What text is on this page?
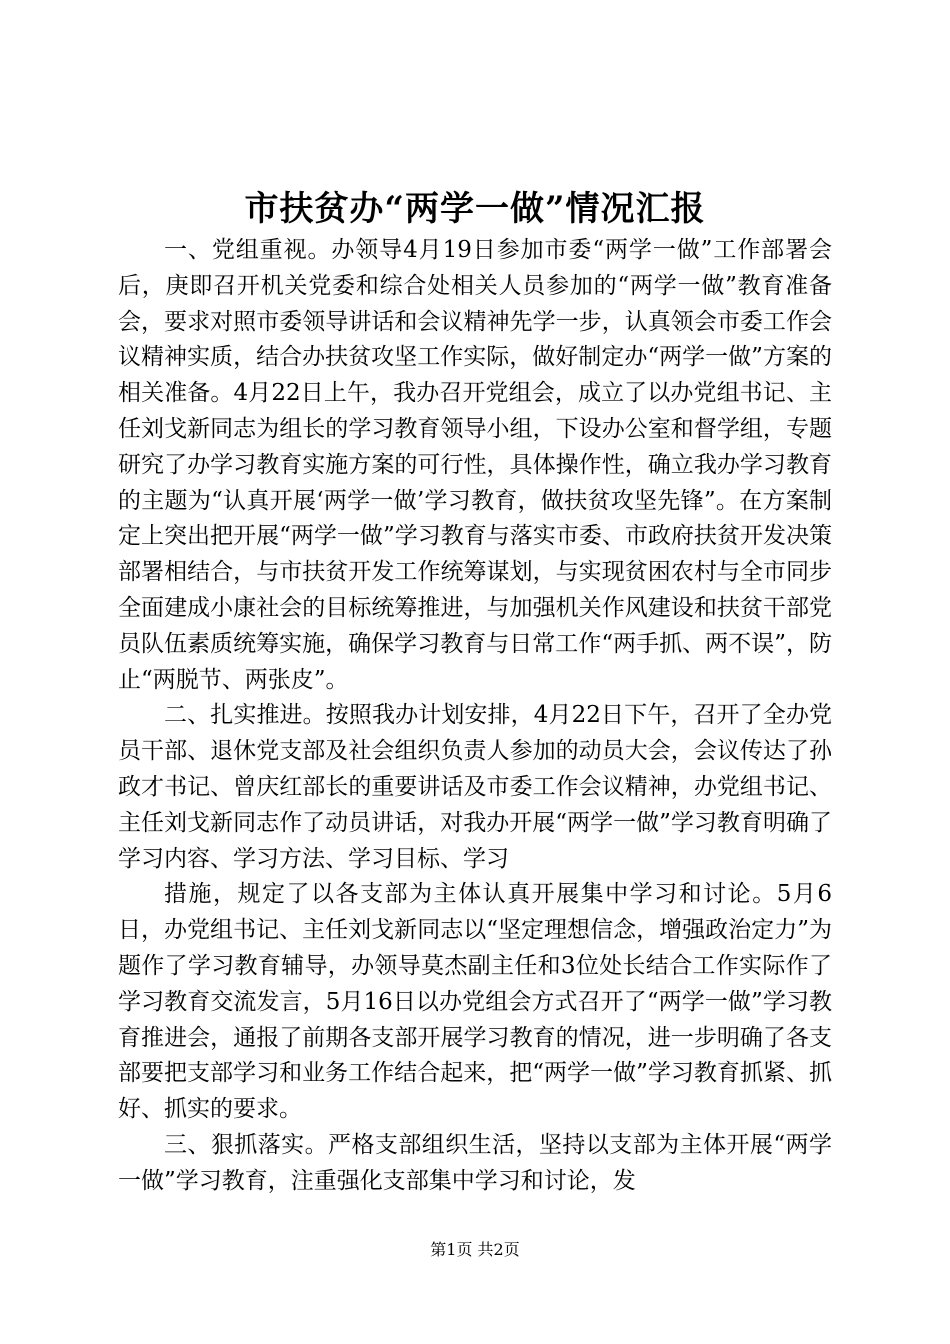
市扶贫办“两学一做”情况汇报

一、党组重视。办领导4月19日参加市委“两学一做”工作部署会后，庚即召开机关党委和综合处相关人员参加的“两学一做”教育准备会，要求对照市委领导讲话和会议精神先学一步，认真领会市委工作会议精神实质，结合办扶贫攻坚工作实际，做好制定办“两学一做”方案的相关准备。4月22日上午，我办召开党组会，成立了以办党组书记、主任刘戈新同志为组长的学习教育领导小组，下设办公室和督学组，专题研究了办学习教育实施方案的可行性，具体操作性，确立我办学习教育的主题为“认真开展‘两学一做’学习教育，做扶贫攻坚先锋”。在方案制定上突出把开展“两学一做”学习教育与落实市委、市政府扶贫开发决策部署相结合，与市扶贫开发工作统筹谋划，与实现贫困农村与全市同步全面建成小康社会的目标统筹推进，与加强机关作风建设和扶贫干部党员队伍素质统筹实施，确保学习教育与日常工作“两手抓、两不误”，防止“两脱节、两张皮”。

二、扎实推进。按照我办计划安排，4月22日下午，召开了全办党员干部、退休党支部及社会组织负责人参加的动员大会，会议传达了孙政才书记、曾庆红部长的重要讲话及市委工作会议精神，办党组书记、主任刘戈新同志作了动员讲话，对我办开展“两学一做”学习教育明确了学习内容、学习方法、学习目标、学习

措施，规定了以各支部为主体认真开展集中学习和讨论。5月6日，办党组书记、主任刘戈新同志以“坚定理想信念，增强政治定力”为题作了学习教育辅导，办领导莫杰副主任和3位处长结合工作实际作了学习教育交流发言，5月16日以办党组会方式召开了“两学一做”学习教育推进会，通报了前期各支部开展学习教育的情况，进一步明确了各支部要把支部学习和业务工作结合起来，把“两学一做”学习教育抓紧、抓好、抓实的要求。

三、狠抓落实。严格支部组织生活，坚持以支部为主体开展“两学一做”学习教育，注重强化支部集中学习和讨论，发

第1页 共2页
